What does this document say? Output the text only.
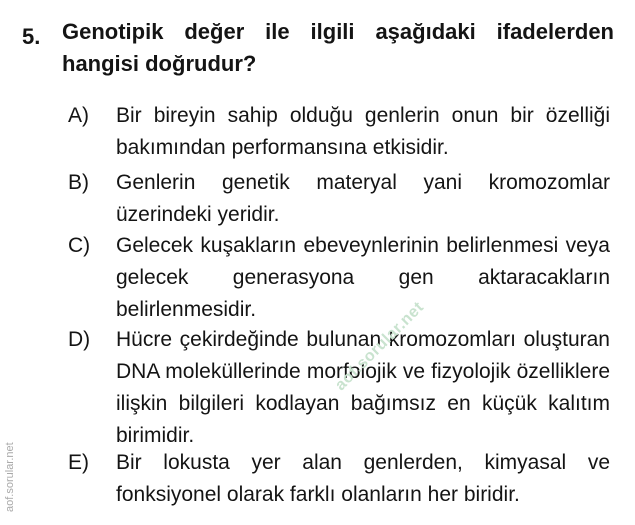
5. Genotipik değer ile ilgili aşağıdaki ifadelerden hangisi doğrudur?
A) Bir bireyin sahip olduğu genlerin onun bir özelliği bakımından performansına etkisidir.
B) Genlerin genetik materyal yani kromozomlar üzerindeki yeridir.
C) Gelecek kuşakların ebeveynlerinin belirlenmesi veya gelecek generasyona gen aktaracakların belirlenmesidir.
D) Hücre çekirdeğinde bulunan kromozomları oluşturan DNA moleküllerinde morfolojik ve fizyolojik özelliklere ilişkin bilgileri kodlayan bağımsız en küçük kalıtım birimidir.
E) Bir lokusta yer alan genlerden, kimyasal ve fonksiyonel olarak farklı olanların her biridir.
aof.sorular.net
aof.sorular.net
